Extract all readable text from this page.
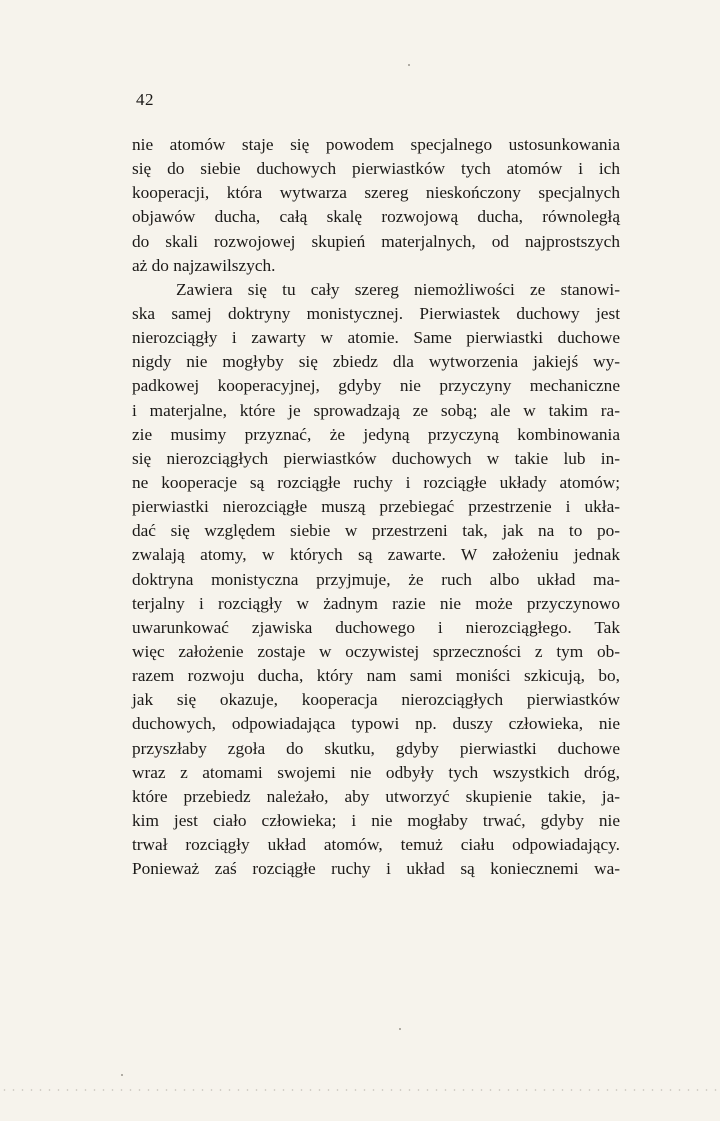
42
nie atomów staje się powodem specjalnego ustosunkowania
się do siebie duchowych pierwiastków tych atomów i ich
kooperacji, która wytwarza szereg nieskończony specjalnych
objawów ducha, całą skalę rozwojową ducha, równoległą
do skali rozwojowej skupień materjalnych, od najprostszych
aż do najzawilszych.
Zawiera się tu cały szereg niemożliwości ze stanowi-
ska samej doktryny monistycznej. Pierwiastek duchowy jest
nierozciągły i zawarty w atomie. Same pierwiastki duchowe
nigdy nie mogłyby się zbiedz dla wytworzenia jakiejś wy-
padkowej kooperacyjnej, gdyby nie przyczyny mechaniczne
i materjalne, które je sprowadzają ze sobą; ale w takim ra-
zie musimy przyznać, że jedyną przyczyną kombinowania
się nierozciągłych pierwiastków duchowych w takie lub in-
ne kooperacje są rozciągłe ruchy i rozciągłe układy atomów;
pierwiastki nierozciągłe muszą przebiegać przestrzenie i ukła-
dać się względem siebie w przestrzeni tak, jak na to po-
zwalają atomy, w których są zawarte. W założeniu jednak
doktryna monistyczna przyjmuje, że ruch albo układ ma-
terjalny i rozciągły w żadnym razie nie może przyczynowo
uwarunkować zjawiska duchowego i nierozciągłego. Tak
więc założenie zostaje w oczywistej sprzeczności z tym ob-
razem rozwoju ducha, który nam sami moniści szkicują, bo,
jak się okazuje, kooperacja nierozciągłych pierwiastków
duchowych, odpowiadająca typowi np. duszy człowieka, nie
przyszłaby zgoła do skutku, gdyby pierwiastki duchowe
wraz z atomami swojemi nie odbyły tych wszystkich dróg,
które przebiedz należało, aby utworzyć skupienie takie, ja-
kim jest ciało człowieka; i nie mogłaby trwać, gdyby nie
trwał rozciągły układ atomów, temuż ciału odpowiadający.
Ponieważ zaś rozciągłe ruchy i układ są koniecznemi wa-
